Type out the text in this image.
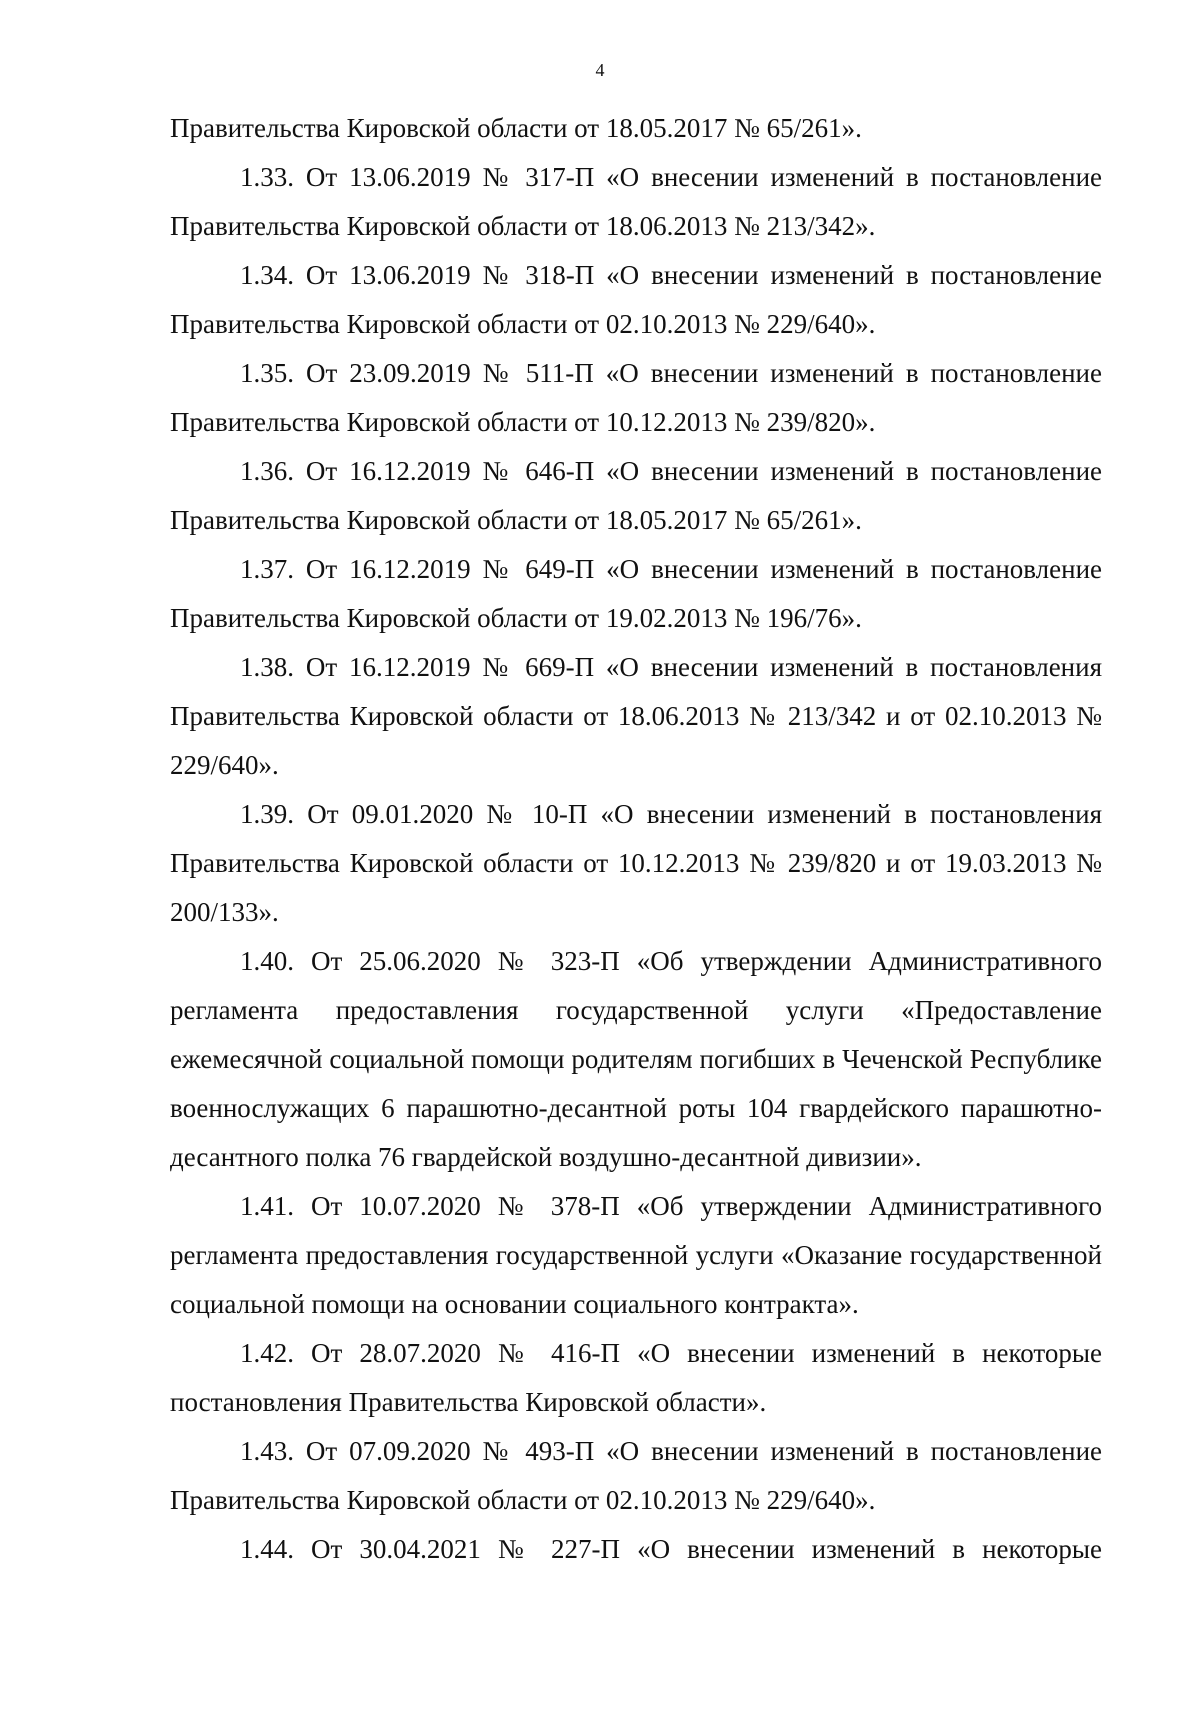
4

Правительства Кировской области от 18.05.2017 № 65/261».

1.33. От 13.06.2019 № 317-П «О внесении изменений в постановление Правительства Кировской области от 18.06.2013 № 213/342».

1.34. От 13.06.2019 № 318-П «О внесении изменений в постановление Правительства Кировской области от 02.10.2013 № 229/640».

1.35. От 23.09.2019 № 511-П «О внесении изменений в постановление Правительства Кировской области от 10.12.2013 № 239/820».

1.36. От 16.12.2019 № 646-П «О внесении изменений в постановление Правительства Кировской области от 18.05.2017 № 65/261».

1.37. От 16.12.2019 № 649-П «О внесении изменений в постановление Правительства Кировской области от 19.02.2013 № 196/76».

1.38. От 16.12.2019 № 669-П «О внесении изменений в постановления Правительства Кировской области от 18.06.2013 № 213/342 и от 02.10.2013 № 229/640».

1.39. От 09.01.2020 № 10-П «О внесении изменений в постановления Правительства Кировской области от 10.12.2013 № 239/820 и от 19.03.2013 № 200/133».

1.40. От 25.06.2020 № 323-П «Об утверждении Административного регламента предоставления государственной услуги «Предоставление ежемесячной социальной помощи родителям погибших в Чеченской Республике военнослужащих 6 парашютно-десантной роты 104 гвардейского парашютно-десантного полка 76 гвардейской воздушно-десантной дивизии».

1.41. От 10.07.2020 № 378-П «Об утверждении Административного регламента предоставления государственной услуги «Оказание государственной социальной помощи на основании социального контракта».

1.42. От 28.07.2020 № 416-П «О внесении изменений в некоторые постановления Правительства Кировской области».

1.43. От 07.09.2020 № 493-П «О внесении изменений в постановление Правительства Кировской области от 02.10.2013 № 229/640».

1.44. От 30.04.2021 № 227-П «О внесении изменений в некоторые
